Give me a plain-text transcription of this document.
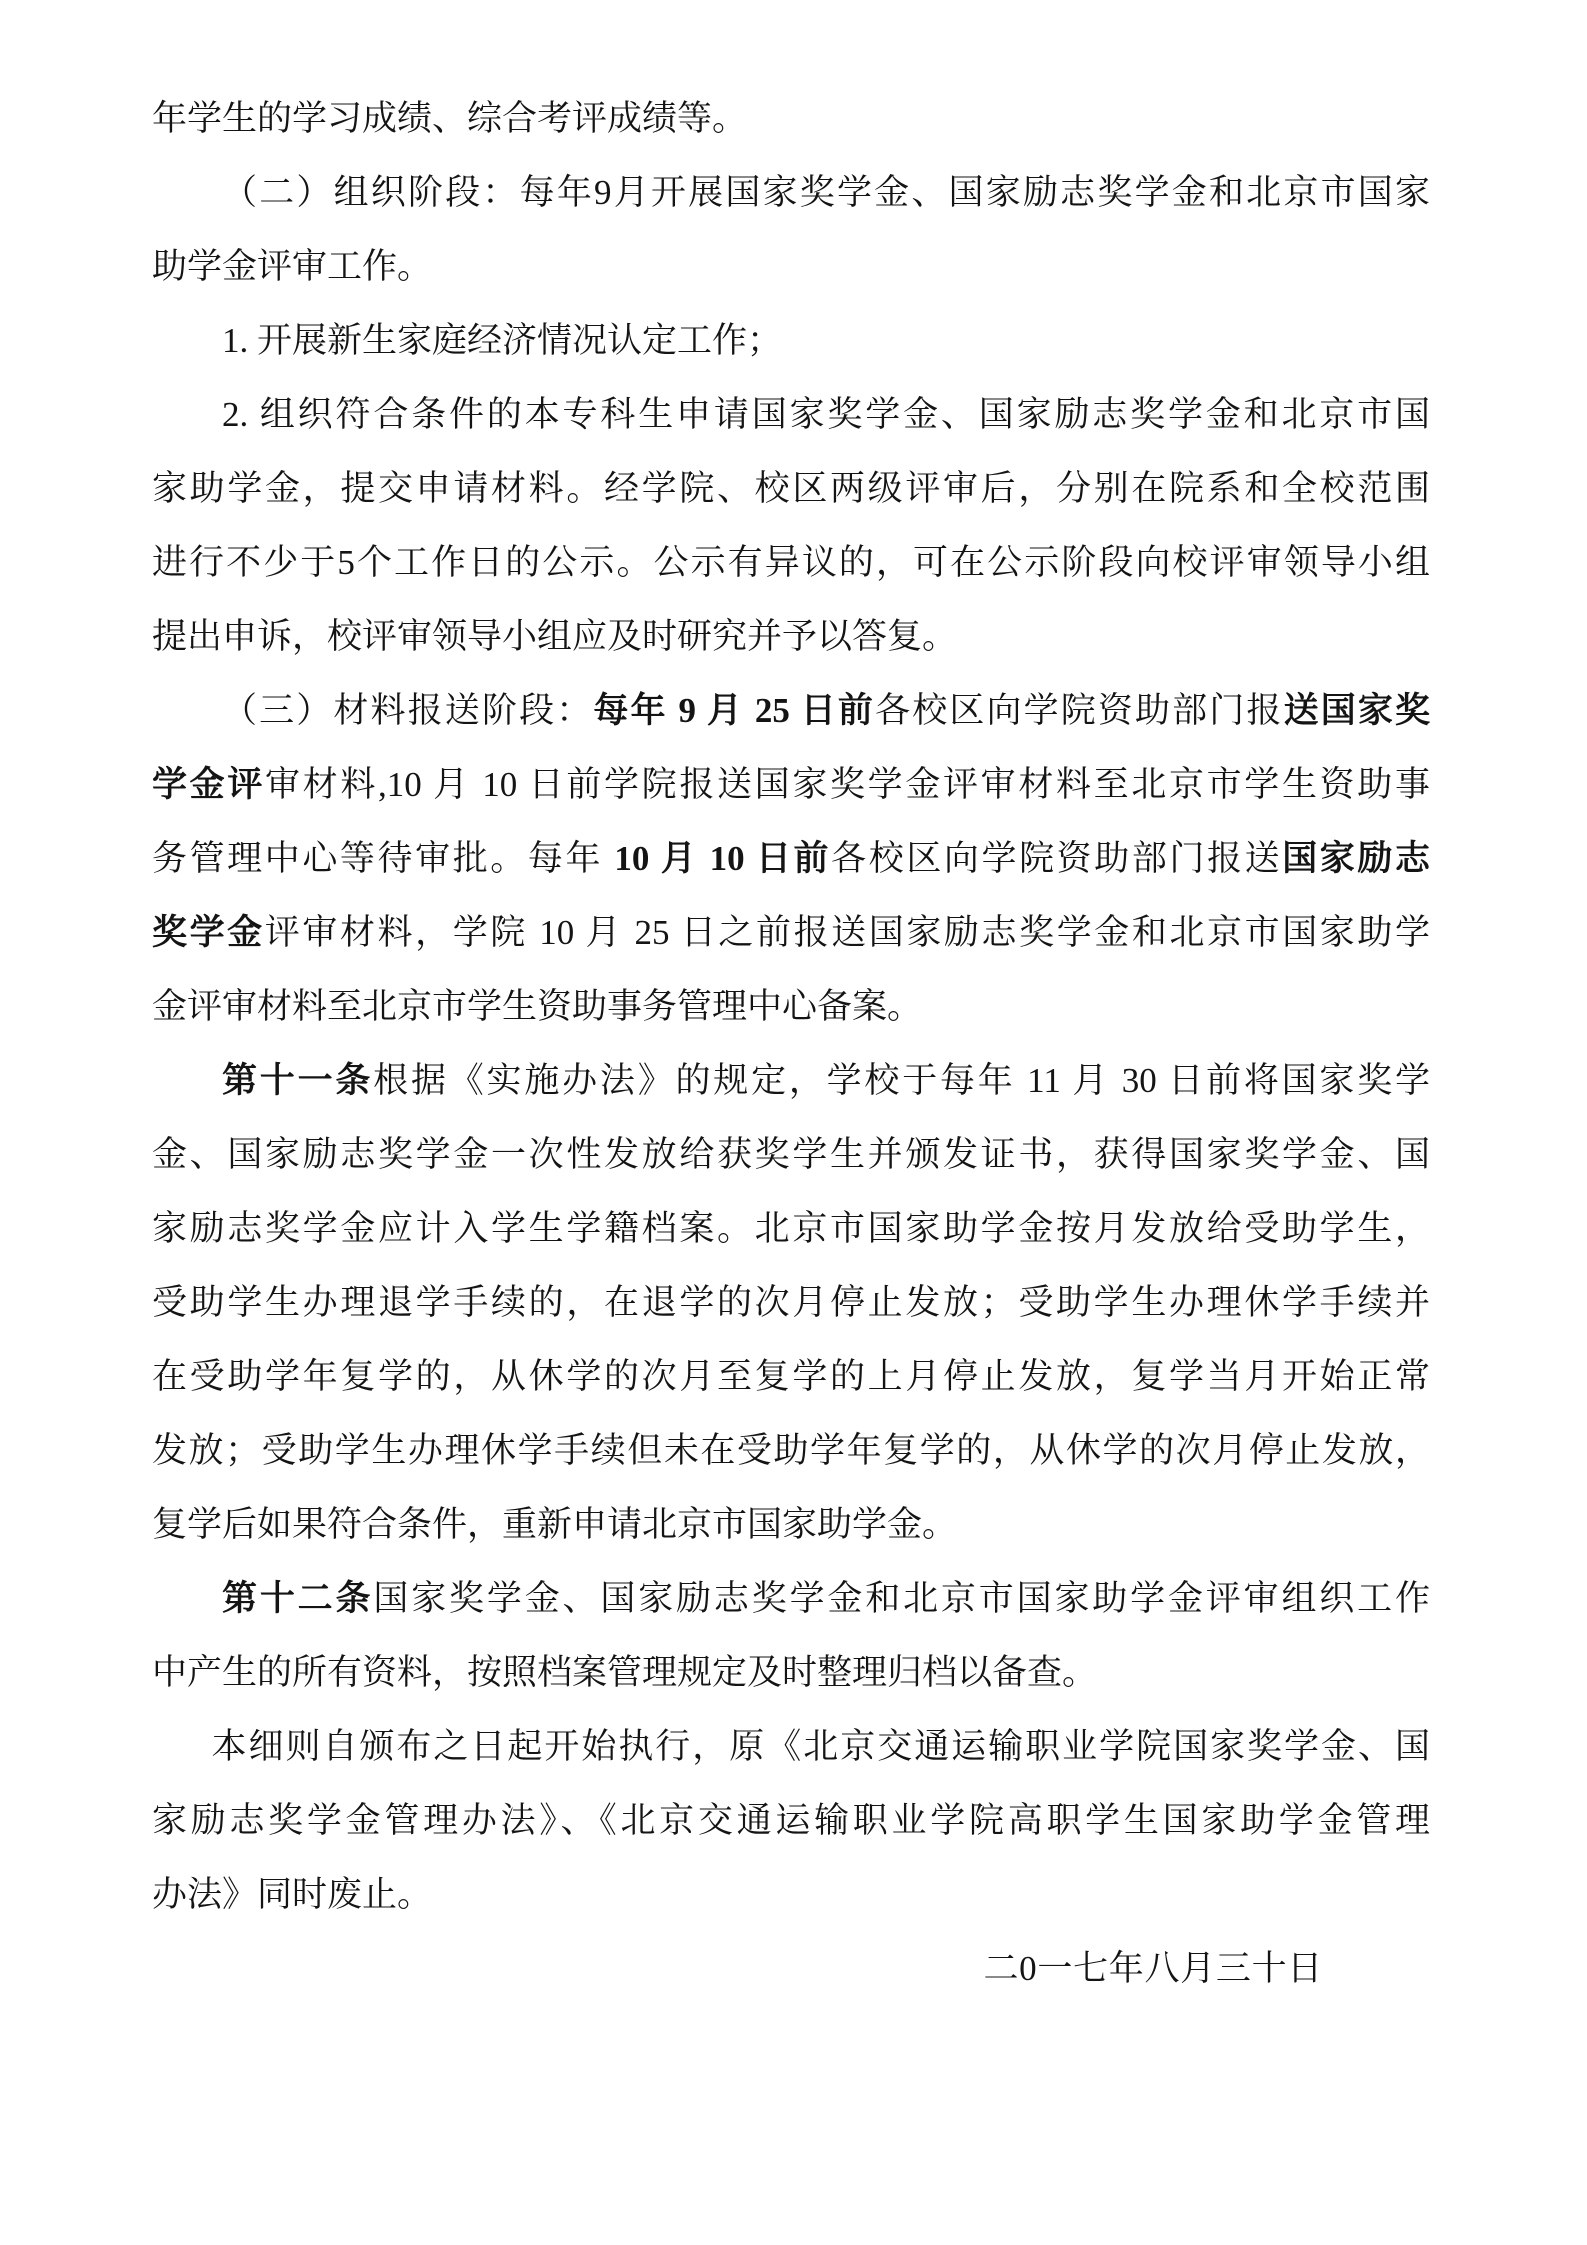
年学生的学习成绩、综合考评成绩等。
（二）组织阶段：每年9月开展国家奖学金、国家励志奖学金和北京市国家
助学金评审工作。
1. 开展新生家庭经济情况认定工作；
2. 组织符合条件的本专科生申请国家奖学金、国家励志奖学金和北京市国
家助学金，提交申请材料。经学院、校区两级评审后，分别在院系和全校范围
进行不少于5个工作日的公示。公示有异议的，可在公示阶段向校评审领导小组
提出申诉，校评审领导小组应及时研究并予以答复。
（三）材料报送阶段：每年 9 月 25 日前各校区向学院资助部门报送国家奖
学金评审材料,10 月 10 日前学院报送国家奖学金评审材料至北京市学生资助事
务管理中心等待审批。每年 10 月 10 日前各校区向学院资助部门报送国家励志
奖学金评审材料，学院 10 月 25 日之前报送国家励志奖学金和北京市国家助学
金评审材料至北京市学生资助事务管理中心备案。
第十一条根据《实施办法》的规定，学校于每年 11 月 30 日前将国家奖学
金、国家励志奖学金一次性发放给获奖学生并颁发证书，获得国家奖学金、国
家励志奖学金应计入学生学籍档案。北京市国家助学金按月发放给受助学生，
受助学生办理退学手续的，在退学的次月停止发放；受助学生办理休学手续并
在受助学年复学的，从休学的次月至复学的上月停止发放，复学当月开始正常
发放；受助学生办理休学手续但未在受助学年复学的，从休学的次月停止发放，
复学后如果符合条件，重新申请北京市国家助学金。
第十二条国家奖学金、国家励志奖学金和北京市国家助学金评审组织工作
中产生的所有资料，按照档案管理规定及时整理归档以备查。
本细则自颁布之日起开始执行，原《北京交通运输职业学院国家奖学金、国
家励志奖学金管理办法》、《北京交通运输职业学院高职学生国家助学金管理
办法》同时废止。
二0一七年八月三十日
